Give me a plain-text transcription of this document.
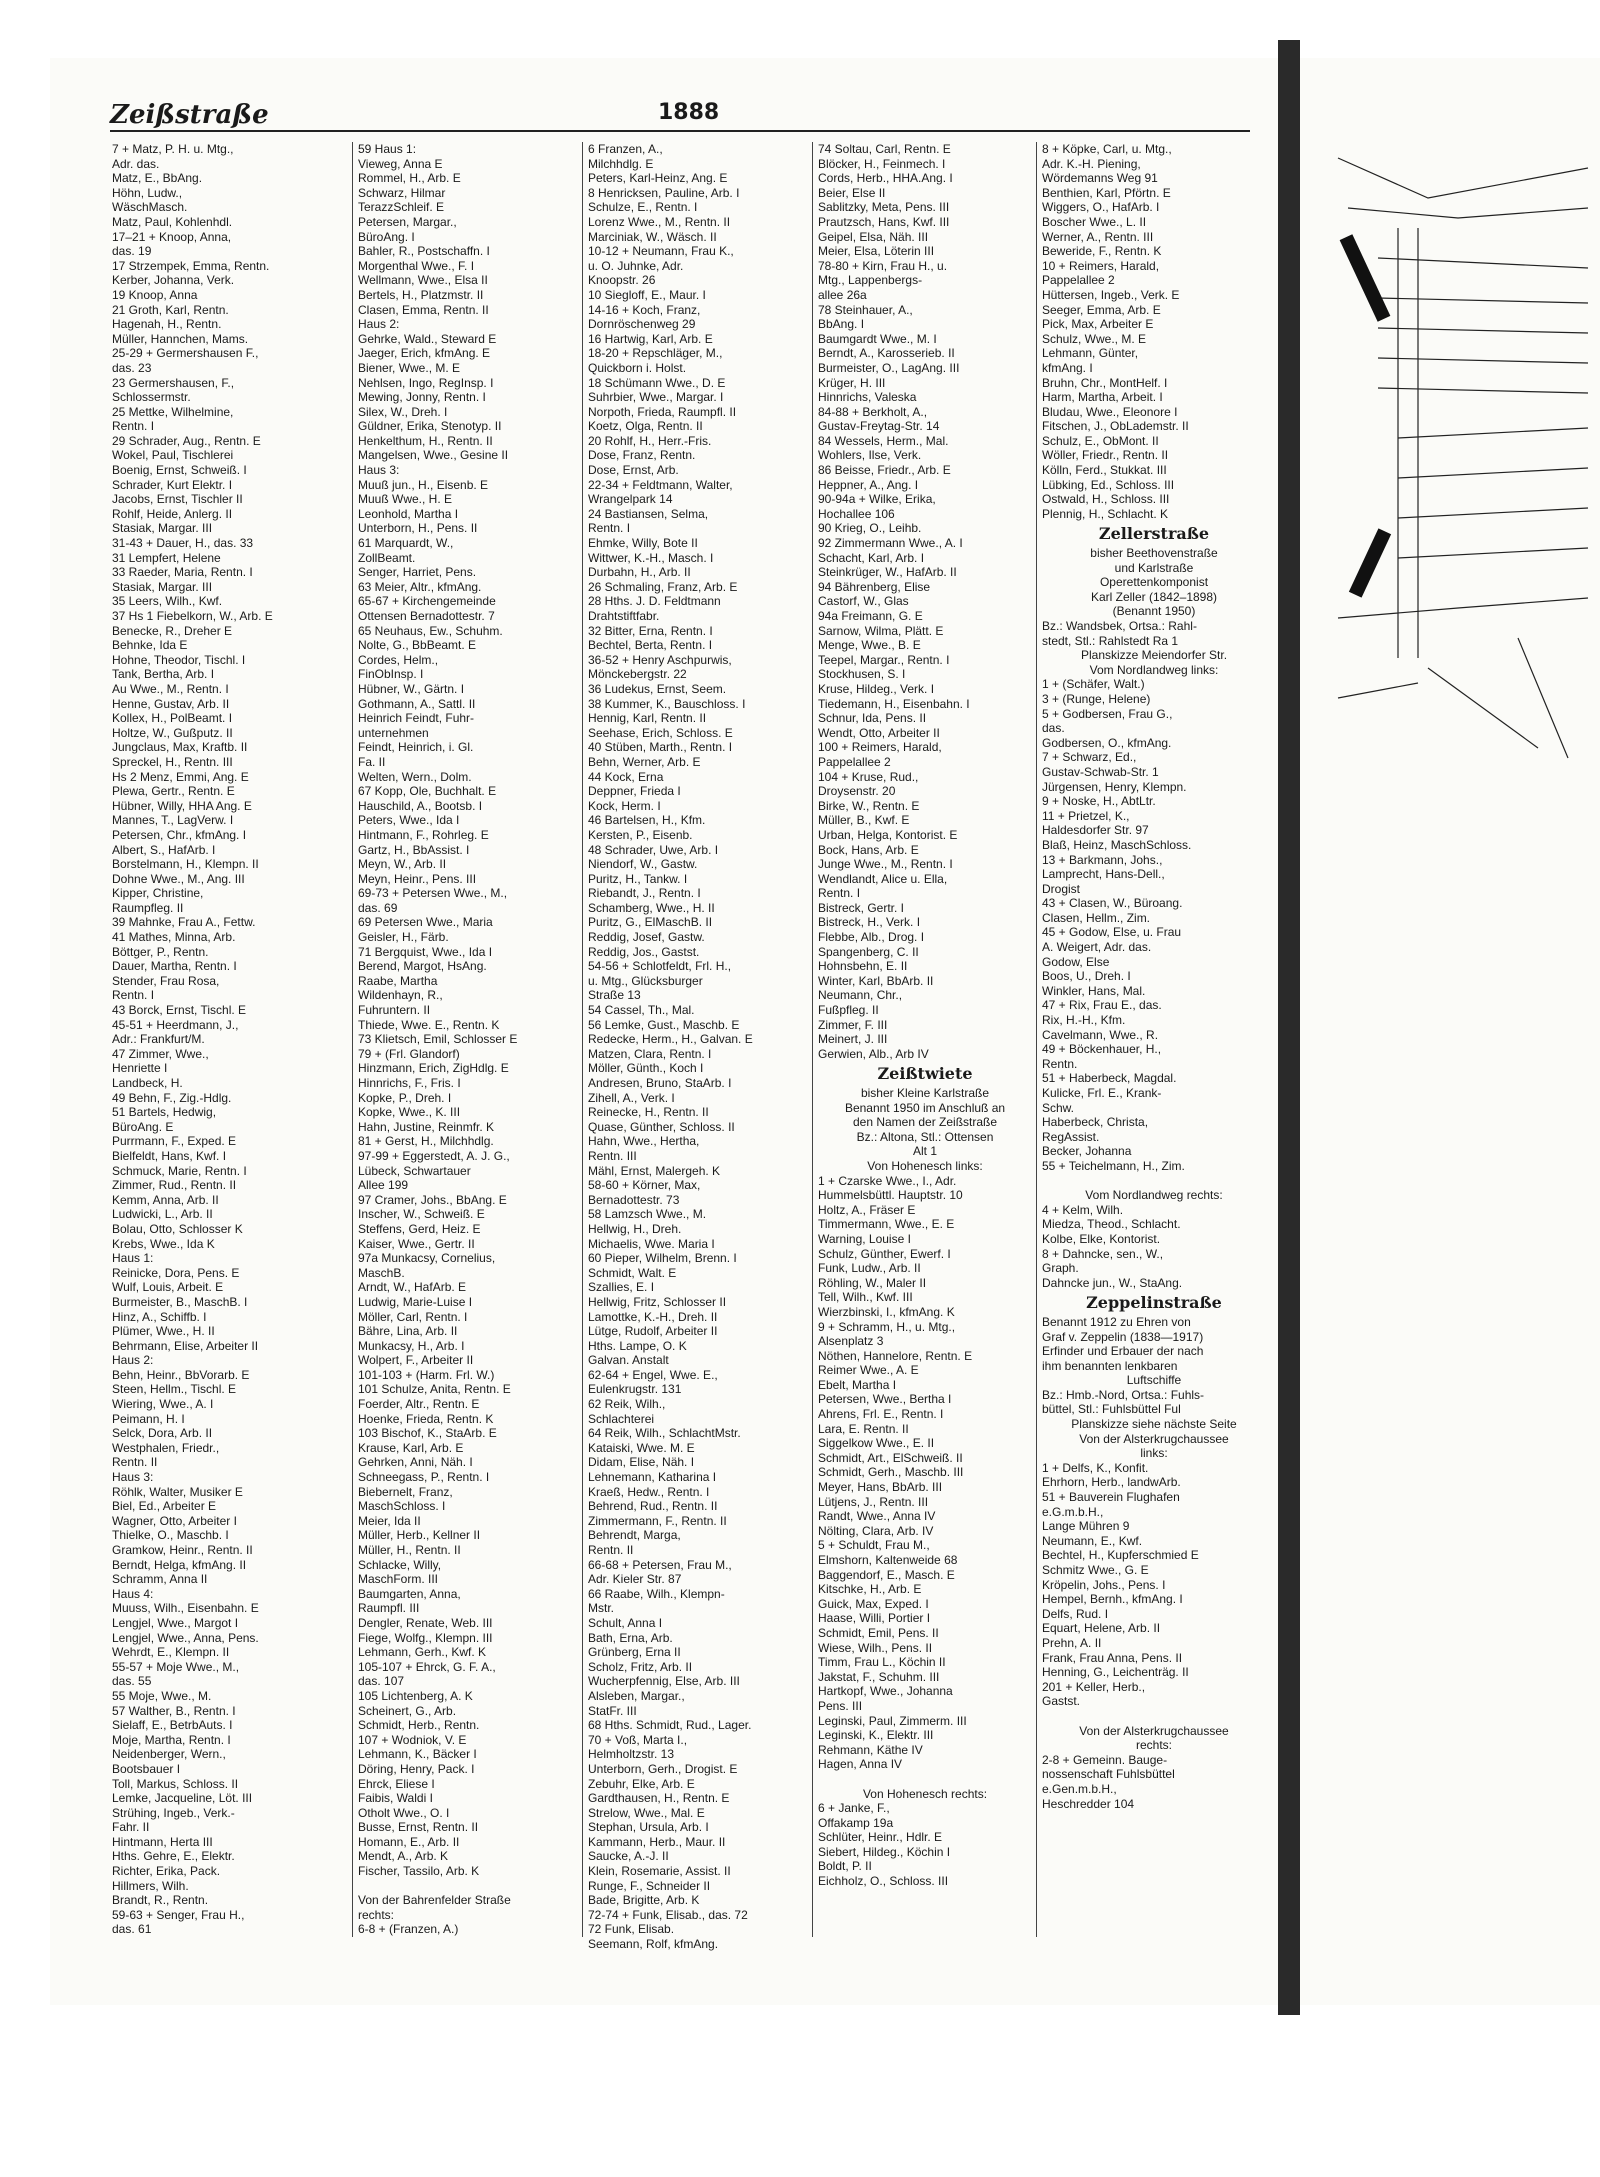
Zeißstraße	1888
7 + Matz, P. H. u. Mtg.,
Adr. das.
Matz, E., BbAng.
Höhn, Ludw.,
WäschMasch.
Matz, Paul, Kohlenhdl.
17–21 + Knoop, Anna,
das. 19
17 Strzempek, Emma, Rentn.
Kerber, Johanna, Verk.
19 Knoop, Anna
21 Groth, Karl, Rentn.
Hagenah, H., Rentn.
Müller, Hannchen, Mams.
25-29 + Germershausen F.,
das. 23
23 Germershausen, F.,
Schlossermstr.
25 Mettke, Wilhelmine,
Rentn. I
29 Schrader, Aug., Rentn. E
Wokel, Paul, Tischlerei
Boenig, Ernst, Schweiß. I
Schrader, Kurt Elektr. I
Jacobs, Ernst, Tischler II
Rohlf, Heide, Anlerg. II
Stasiak, Margar. III
31-43 + Dauer, H., das. 33
31 Lempfert, Helene
33 Raeder, Maria, Rentn. I
Stasiak, Margar. III
35 Leers, Wilh., Kwf.
37 Hs 1 Fiebelkorn, W., Arb. E
Benecke, R., Dreher E
Behnke, Ida E
Hohne, Theodor, Tischl. I
Tank, Bertha, Arb. I
Au Wwe., M., Rentn. I
Henne, Gustav, Arb. II
Kollex, H., PolBeamt. I
Holtze, W., Gußputz. II
Jungclaus, Max, Kraftb. II
Spreckel, H., Rentn. III
Hs 2 Menz, Emmi, Ang. E
Plewa, Gertr., Rentn. E
Hübner, Willy, HHA Ang. E
Mannes, T., LagVerw. I
Petersen, Chr., kfmAng. I
Albert, S., HafArb. I
Borstelmann, H., Klempn. II
Dohne Wwe., M., Ang. III
Kipper, Christine,
Raumpfleg. II
39 Mahnke, Frau A., Fettw.
41 Mathes, Minna, Arb.
Böttger, P., Rentn.
Dauer, Martha, Rentn. I
Stender, Frau Rosa,
Rentn. I
43 Borck, Ernst, Tischl. E
45-51 + Heerdmann, J.,
Adr.: Frankfurt/M.
47 Zimmer, Wwe.,
Henriette I
Landbeck, H.
49 Behn, F., Zig.-Hdlg.
51 Bartels, Hedwig,
BüroAng. E
Purrmann, F., Exped. E
Bielfeldt, Hans, Kwf. I
Schmuck, Marie, Rentn. I
Zimmer, Rud., Rentn. II
Kemm, Anna, Arb. II
Ludwicki, L., Arb. II
Bolau, Otto, Schlosser K
Krebs, Wwe., Ida K
Haus 1:
Reinicke, Dora, Pens. E
Wulf, Louis, Arbeit. E
Burmeister, B., MaschB. I
Hinz, A., Schiffb. I
Plümer, Wwe., H. II
Behrmann, Elise, Arbeiter II
Haus 2:
Behn, Heinr., BbVorarb. E
Steen, Hellm., Tischl. E
Wiering, Wwe., A. I
Peimann, H. I
Selck, Dora, Arb. II
Westphalen, Friedr.,
Rentn. II
Haus 3:
Röhlk, Walter, Musiker E
Biel, Ed., Arbeiter E
Wagner, Otto, Arbeiter I
Thielke, O., Maschb. I
Gramkow, Heinr., Rentn. II
Berndt, Helga, kfmAng. II
Schramm, Anna II
Haus 4:
Muuss, Wilh., Eisenbahn. E
Lengjel, Wwe., Margot I
Lengjel, Wwe., Anna, Pens.
Wehrdt, E., Klempn. II
55-57 + Moje Wwe., M.,
das. 55
55 Moje, Wwe., M.
57 Walther, B., Rentn. I
Sielaff, E., BetrbAuts. I
Moje, Martha, Rentn. I
Neidenberger, Wern.,
Bootsbauer I
Toll, Markus, Schloss. II
Lemke, Jacqueline, Löt. III
Strühing, Ingeb., Verk.-
Fahr. II
Hintmann, Herta III
Hths. Gehre, E., Elektr.
Richter, Erika, Pack.
Hillmers, Wilh.
Brandt, R., Rentn.
59-63 + Senger, Frau H.,
das. 61
59 Haus 1:
Vieweg, Anna E
Rommel, H., Arb. E
Schwarz, Hilmar
TerazzSchleif. E
Petersen, Margar.,
BüroAng. I
Bahler, R., Postschaffn. I
Morgenthal Wwe., F. I
Wellmann, Wwe., Elsa II
Bertels, H., Platzmstr. II
Clasen, Emma, Rentn. II
Haus 2:
Gehrke, Wald., Steward E
Jaeger, Erich, kfmAng. E
Biener, Wwe., M. E
Nehlsen, Ingo, RegInsp. I
Mewing, Jonny, Rentn. I
Silex, W., Dreh. I
Güldner, Erika, Stenotyp. II
Henkelthum, H., Rentn. II
Mangelsen, Wwe., Gesine II
Haus 3:
Muuß jun., H., Eisenb. E
Muuß Wwe., H. E
Leonhold, Martha I
Unterborn, H., Pens. II
61 Marquardt, W.,
ZollBeamt.
Senger, Harriet, Pens.
63 Meier, Altr., kfmAng.
65-67 + Kirchengemeinde
Ottensen Bernadottestr. 7
65 Neuhaus, Ew., Schuhm.
Nolte, G., BbBeamt. E
Cordes, Helm.,
FinObInsp. I
Hübner, W., Gärtn. I
Gothmann, A., Sattl. II
Heinrich Feindt, Fuhr-
unternehmen
Feindt, Heinrich, i. Gl.
Fa. II
Welten, Wern., Dolm.
67 Kopp, Ole, Buchhalt. E
Hauschild, A., Bootsb. I
Peters, Wwe., Ida I
Hintmann, F., Rohrleg. E
Gartz, H., BbAssist. I
Meyn, W., Arb. II
Meyn, Heinr., Pens. III
69-73 + Petersen Wwe., M.,
das. 69
69 Petersen Wwe., Maria
Geisler, H., Färb.
71 Bergquist, Wwe., Ida I
Berend, Margot, HsAng.
Raabe, Martha
Wildenhayn, R.,
Fuhruntern. II
Thiede, Wwe. E., Rentn. K
73 Klietsch, Emil, Schlosser E
79 + (Frl. Glandorf)
Hinzmann, Erich, ZigHdlg. E
Hinnrichs, F., Fris. I
Kopke, P., Dreh. I
Kopke, Wwe., K. III
Hahn, Justine, Reinmfr. K
81 + Gerst, H., Milchhdlg.
97-99 + Eggerstedt, A. J. G.,
Lübeck, Schwartauer
Allee 199
97 Cramer, Johs., BbAng. E
Inscher, W., Schweiß. E
Steffens, Gerd, Heiz. E
Kaiser, Wwe., Gertr. II
97a Munkacsy, Cornelius,
MaschB.
Arndt, W., HafArb. E
Ludwig, Marie-Luise I
Möller, Carl, Rentn. I
Bähre, Lina, Arb. II
Munkacsy, H., Arb. I
Wolpert, F., Arbeiter II
101-103 + (Harm. Frl. W.)
101 Schulze, Anita, Rentn. E
Foerder, Altr., Rentn. E
Hoenke, Frieda, Rentn. K
103 Bischof, K., StaArb. E
Krause, Karl, Arb. E
Gehrken, Anni, Näh. I
Schneegass, P., Rentn. I
Biebernelt, Franz,
MaschSchloss. I
Meier, Ida II
Müller, Herb., Kellner II
Müller, H., Rentn. II
Schlacke, Willy,
MaschForm. III
Baumgarten, Anna,
Raumpfl. III
Dengler, Renate, Web. III
Fiege, Wolfg., Klempn. III
Lehmann, Gerh., Kwf. K
105-107 + Ehrck, G. F. A.,
das. 107
105 Lichtenberg, A. K
Scheinert, G., Arb.
Schmidt, Herb., Rentn.
107 + Wodniok, V. E
Lehmann, K., Bäcker I
Döring, Henry, Pack. I
Ehrck, Eliese I
Faibis, Waldi I
Otholt Wwe., O. I
Busse, Ernst, Rentn. II
Homann, E., Arb. II
Mendt, A., Arb. K
Fischer, Tassilo, Arb. K

Von der Bahrenfelder Straße
rechts:
6-8 + (Franzen, A.)
6 Franzen, A.,
Milchhdlg. E
Peters, Karl-Heinz, Ang. E
8 Henricksen, Pauline, Arb. I
Schulze, E., Rentn. I
Lorenz Wwe., M., Rentn. II
Marciniak, W., Wäsch. II
10-12 + Neumann, Frau K.,
u. O. Juhnke, Adr.
Knoopstr. 26
10 Siegloff, E., Maur. I
14-16 + Koch, Franz,
Dornröschenweg 29
16 Hartwig, Karl, Arb. E
18-20 + Repschläger, M.,
Quickborn i. Holst.
18 Schümann Wwe., D. E
Suhrbier, Wwe., Margar. I
Norpoth, Frieda, Raumpfl. II
Koetz, Olga, Rentn. II
20 Rohlf, H., Herr.-Fris.
Dose, Franz, Rentn.
Dose, Ernst, Arb.
22-34 + Feldtmann, Walter,
Wrangelpark 14
24 Bastiansen, Selma,
Rentn. I
Ehmke, Willy, Bote II
Wittwer, K.-H., Masch. I
Durbahn, H., Arb. II
26 Schmaling, Franz, Arb. E
28 Hths. J. D. Feldtmann
Drahtstiftfabr.
32 Bitter, Erna, Rentn. I
Bechtel, Berta, Rentn. I
36-52 + Henry Aschpurwis,
Mönckebergstr. 22
36 Ludekus, Ernst, Seem.
38 Kummer, K., Bauschloss. I
Hennig, Karl, Rentn. II
Seehase, Erich, Schloss. E
40 Stüben, Marth., Rentn. I
Behn, Werner, Arb. E
44 Kock, Erna
Deppner, Frieda I
Kock, Herm. I
46 Bartelsen, H., Kfm.
Kersten, P., Eisenb.
48 Schrader, Uwe, Arb. I
Niendorf, W., Gastw.
Puritz, H., Tankw. I
Riebandt, J., Rentn. I
Schamberg, Wwe., H. II
Puritz, G., ElMaschB. II
Reddig, Josef, Gastw.
Reddig, Jos., Gastst.
54-56 + Schlotfeldt, Frl. H.,
u. Mtg., Glücksburger
Straße 13
54 Cassel, Th., Mal.
56 Lemke, Gust., Maschb. E
Redecke, Herm., H., Galvan. E
Matzen, Clara, Rentn. I
Möller, Günth., Koch I
Andresen, Bruno, StaArb. I
Zihell, A., Verk. I
Reinecke, H., Rentn. II
Quase, Günther, Schloss. II
Hahn, Wwe., Hertha,
Rentn. III
Mähl, Ernst, Malergeh. K
58-60 + Körner, Max,
Bernadottestr. 73
58 Lamzsch Wwe., M.
Hellwig, H., Dreh.
Michaelis, Wwe. Maria I
60 Pieper, Wilhelm, Brenn. I
Schmidt, Walt. E
Szallies, E. I
Hellwig, Fritz, Schlosser II
Lamottke, K.-H., Dreh. II
Lütge, Rudolf, Arbeiter II
Hths. Lampe, O. K
Galvan. Anstalt
62-64 + Engel, Wwe. E.,
Eulenkrugstr. 131
62 Reik, Wilh.,
Schlachterei
64 Reik, Wilh., SchlachtMstr.
Kataiski, Wwe. M. E
Didam, Elise, Näh. I
Lehnemann, Katharina I
Kraeß, Hedw., Rentn. I
Behrend, Rud., Rentn. II
Zimmermann, F., Rentn. II
Behrendt, Marga,
Rentn. II
66-68 + Petersen, Frau M.,
Adr. Kieler Str. 87
66 Raabe, Wilh., Klempn-
Mstr.
Schult, Anna I
Bath, Erna, Arb.
Grünberg, Erna II
Scholz, Fritz, Arb. II
Wucherpfennig, Else, Arb. III
Alsleben, Margar.,
StatFr. III
68 Hths. Schmidt, Rud., Lager.
70 + Voß, Marta I.,
Helmholtzstr. 13
Unterborn, Gerh., Drogist. E
Zebuhr, Elke, Arb. E
Gardthausen, H., Rentn. E
Strelow, Wwe., Mal. E
Stephan, Ursula, Arb. I
Kammann, Herb., Maur. II
Saucke, A.-J. II
Klein, Rosemarie, Assist. II
Runge, F., Schneider II
Bade, Brigitte, Arb. K
72-74 + Funk, Elisab., das. 72
72 Funk, Elisab.
Seemann, Rolf, kfmAng.
74 Soltau, Carl, Rentn. E
Blöcker, H., Feinmech. I
Cords, Herb., HHA.Ang. I
Beier, Else II
Sablitzky, Meta, Pens. III
Prautzsch, Hans, Kwf. III
Geipel, Elsa, Näh. III
Meier, Elsa, Löterin III
78-80 + Kirn, Frau H., u.
Mtg., Lappenbergs-
allee 26a
78 Steinhauer, A.,
BbAng. I
Baumgardt Wwe., M. I
Berndt, A., Karosserieb. II
Burmeister, O., LagAng. III
Krüger, H. III
Hinnrichs, Valeska
84-88 + Berkholt, A.,
Gustav-Freytag-Str. 14
84 Wessels, Herm., Mal.
Wohlers, Ilse, Verk.
86 Beisse, Friedr., Arb. E
Heppner, A., Ang. I
90-94a + Wilke, Erika,
Hochallee 106
90 Krieg, O., Leihb.
92 Zimmermann Wwe., A. I
Schacht, Karl, Arb. I
Steinkrüger, W., HafArb. II
94 Bährenberg, Elise
Castorf, W., Glas
94a Freimann, G. E
Sarnow, Wilma, Plätt. E
Menge, Wwe., B. E
Teepel, Margar., Rentn. I
Stockhusen, S. I
Kruse, Hildeg., Verk. I
Tiedemann, H., Eisenbahn. I
Schnur, Ida, Pens. II
Wendt, Otto, Arbeiter II
100 + Reimers, Harald,
Pappelallee 2
104 + Kruse, Rud.,
Droysenstr. 20
Birke, W., Rentn. E
Müller, B., Kwf. E
Urban, Helga, Kontorist. E
Bock, Hans, Arb. E
Junge Wwe., M., Rentn. I
Wendlandt, Alice u. Ella,
Rentn. I
Bistreck, Gertr. I
Bistreck, H., Verk. I
Flebbe, Alb., Drog. I
Spangenberg, C. II
Hohnsbehn, E. II
Winter, Karl, BbArb. II
Neumann, Chr.,
Fußpfleg. II
Zimmer, F. III
Meinert, J. III
Gerwien, Alb., Arb IV
Zeißtwiete
bisher Kleine Karlstraße
Benannt 1950 im Anschluß an
den Namen der Zeißstraße
Bz.: Altona, Stl.: Ottensen
Alt 1
Von Hohenesch links:
1 + Czarske Wwe., I., Adr.
Hummelsbüttl. Hauptstr. 10
Holtz, A., Fräser E
Timmermann, Wwe., E. E
Warning, Louise I
Schulz, Günther, Ewerf. I
Funk, Ludw., Arb. II
Röhling, W., Maler II
Tell, Wilh., Kwf. III
Wierzbinski, I., kfmAng. K
9 + Schramm, H., u. Mtg.,
Alsenplatz 3
Nöthen, Hannelore, Rentn. E
Reimer Wwe., A. E
Ebelt, Martha I
Petersen, Wwe., Bertha I
Ahrens, Frl. E., Rentn. I
Lara, E. Rentn. II
Siggelkow Wwe., E. II
Schmidt, Art., ElSchweiß. II
Schmidt, Gerh., Maschb. III
Meyer, Hans, BbArb. III
Lütjens, J., Rentn. III
Randt, Wwe., Anna IV
Nölting, Clara, Arb. IV
5 + Schuldt, Frau M.,
Elmshorn, Kaltenweide 68
Baggendorf, E., Masch. E
Kitschke, H., Arb. E
Guick, Max, Exped. I
Haase, Willi, Portier I
Schmidt, Emil, Pens. II
Wiese, Wilh., Pens. II
Timm, Frau L., Köchin II
Jakstat, F., Schuhm. III
Hartkopf, Wwe., Johanna
Pens. III
Leginski, Paul, Zimmerm. III
Leginski, K., Elektr. III
Rehmann, Käthe IV
Hagen, Anna IV

Von Hohenesch rechts:
6 + Janke, F.,
Offakamp 19a
Schlüter, Heinr., Hdlr. E
Siebert, Hildeg., Köchin I
Boldt, P. II
Eichholz, O., Schloss. III
8 + Köpke, Carl, u. Mtg.,
Adr. K.-H. Piening,
Wördemanns Weg 91
Benthien, Karl, Pförtn. E
Wiggers, O., HafArb. I
Boscher Wwe., L. II
Werner, A., Rentn. III
Beweride, F., Rentn. K
10 + Reimers, Harald,
Pappelallee 2
Hüttersen, Ingeb., Verk. E
Seeger, Emma, Arb. E
Pick, Max, Arbeiter E
Schulz, Wwe., M. E
Lehmann, Günter,
kfmAng. I
Bruhn, Chr., MontHelf. I
Harm, Martha, Arbeit. I
Bludau, Wwe., Eleonore I
Fitschen, J., ObLademstr. II
Schulz, E., ObMont. II
Wöller, Friedr., Rentn. II
Kölln, Ferd., Stukkat. III
Lübking, Ed., Schloss. III
Ostwald, H., Schloss. III
Plennig, H., Schlacht. K
Zellerstraße
bisher Beethovenstraße
und Karlstraße
Operettenkomponist
Karl Zeller (1842–1898)
(Benannt 1950)
Bz.: Wandsbek, Ortsa.: Rahl-
stedt, Stl.: Rahlstedt Ra 1
Planskizze Meiendorfer Str.
Vom Nordlandweg links:
1 + (Schäfer, Walt.)
3 + (Runge, Helene)
5 + Godbersen, Frau G.,
das.
Godbersen, O., kfmAng.
7 + Schwarz, Ed.,
Gustav-Schwab-Str. 1
Jürgensen, Henry, Klempn.
9 + Noske, H., AbtLtr.
11 + Prietzel, K.,
Haldesdorfer Str. 97
Blaß, Heinz, MaschSchloss.
13 + Barkmann, Johs.,
Lamprecht, Hans-Dell.,
Drogist
43 + Clasen, W., Büroang.
Clasen, Hellm., Zim.
45 + Godow, Else, u. Frau
A. Weigert, Adr. das.
Godow, Else
Boos, U., Dreh. I
Winkler, Hans, Mal.
47 + Rix, Frau E., das.
Rix, H.-H., Kfm.
Cavelmann, Wwe., R.
49 + Böckenhauer, H.,
Rentn.
51 + Haberbeck, Magdal.
Kulicke, Frl. E., Krank-
Schw.
Haberbeck, Christa,
RegAssist.
Becker, Johanna
55 + Teichelmann, H., Zim.

Vom Nordlandweg rechts:
4 + Kelm, Wilh.
Miedza, Theod., Schlacht.
Kolbe, Elke, Kontorist.
8 + Dahncke, sen., W.,
Graph.
Dahncke jun., W., StaAng.
Zeppelinstraße
Benannt 1912 zu Ehren von
Graf v. Zeppelin (1838—1917)
Erfinder und Erbauer der nach
ihm benannten lenkbaren
Luftschiffe
Bz.: Hmb.-Nord, Ortsa.: Fuhls-
büttel, Stl.: Fuhlsbüttel Ful
Planskizze siehe nächste Seite
Von der Alsterkrugchaussee
links:
1 + Delfs, K., Konfit.
Ehrhorn, Herb., landwArb.
51 + Bauverein Flughafen
e.G.m.b.H.,
Lange Mühren 9
Neumann, E., Kwf.
Bechtel, H., Kupferschmied E
Schmitz Wwe., G. E
Kröpelin, Johs., Pens. I
Hempel, Bernh., kfmAng. I
Delfs, Rud. I
Equart, Helene, Arb. II
Prehn, A. II
Frank, Frau Anna, Pens. II
Henning, G., Leichenträg. II
201 + Keller, Herb.,
Gastst.

Von der Alsterkrugchaussee
rechts:
2-8 + Gemeinn. Bauge-
nossenschaft Fuhlsbüttel
e.Gen.m.b.H.,
Heschredder 104
